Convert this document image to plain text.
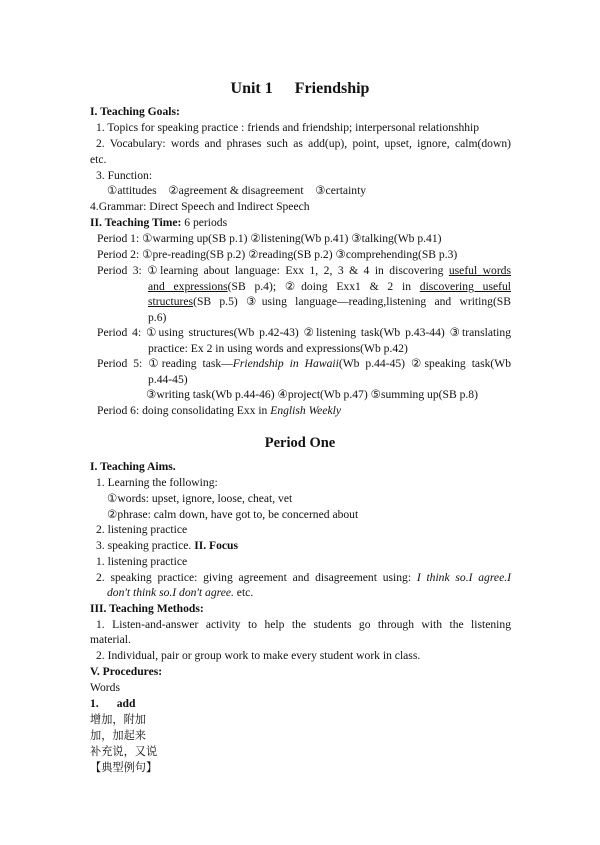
Unit 1 Friendship
I. Teaching Goals:
1. Topics for speaking practice : friends and friendship; interpersonal relationshhip
2. Vocabulary: words and phrases such as add(up), point, upset, ignore, calm(down)
etc.
3. Function:
①attitudes    ②agreement & disagreement    ③certainty
4.Grammar: Direct Speech and Indirect Speech
II. Teaching Time: 6 periods
Period 1: ①warming up(SB p.1) ②listening(Wb p.41) ③talking(Wb p.41)
Period 2: ①pre-reading(SB p.2) ②reading(SB p.2) ③comprehending(SB p.3)
Period 3: ①learning about language: Exx 1, 2, 3 & 4 in discovering useful words
and expressions(SB p.4); ②doing Exx1 & 2 in discovering useful
structures(SB p.5) ③using language—reading,listening and writing(SB
p.6)
Period 4: ①using structures(Wb p.42-43) ②listening task(Wb p.43-44) ③translating
practice: Ex 2 in using words and expressions(Wb p.42)
Period 5: ①reading task—Friendship in Hawaii(Wb p.44-45) ②speaking task(Wb
p.44-45)
③writing task(Wb p.44-46) ④project(Wb p.47) ⑤summing up(SB p.8)
Period 6: doing consolidating Exx in English Weekly
Period One
I. Teaching Aims.
1. Learning the following:
①words: upset, ignore, loose, cheat, vet
②phrase: calm down, have got to, be concerned about
2. listening practice
3. speaking practice. II. Focus
1. listening practice
2. speaking practice: giving agreement and disagreement using: I think so.I agree.I
don't think so.I don't agree. etc.
III. Teaching Methods:
1. Listen-and-answer activity to help the students go through with the listening
material.
2. Individual, pair or group work to make every student work in class.
V. Procedures:
Words
1. add
增加，附加
加，加起来
补充说，又说
【典型例句】
